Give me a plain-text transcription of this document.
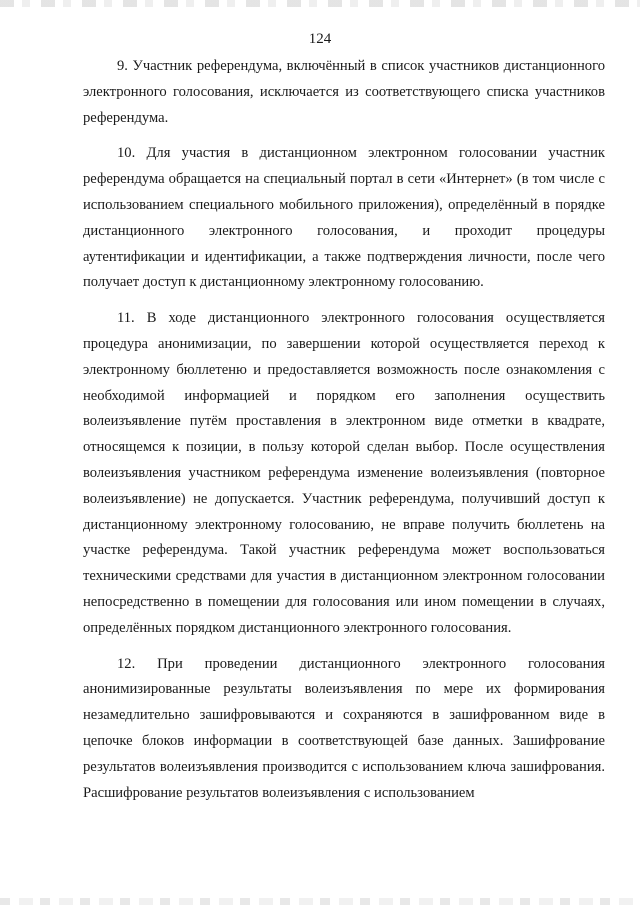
124

9. Участник референдума, включённый в список участников дистанционного электронного голосования, исключается из соответствующего списка участников референдума.

10. Для участия в дистанционном электронном голосовании участник референдума обращается на специальный портал в сети «Интернет» (в том числе с использованием специального мобильного приложения), определённый в порядке дистанционного электронного голосования, и проходит процедуры аутентификации и идентификации, а также подтверждения личности, после чего получает доступ к дистанционному электронному голосованию.

11. В ходе дистанционного электронного голосования осуществляется процедура анонимизации, по завершении которой осуществляется переход к электронному бюллетеню и предоставляется возможность после ознакомления с необходимой информацией и порядком его заполнения осуществить волеизъявление путём проставления в электронном виде отметки в квадрате, относящемся к позиции, в пользу которой сделан выбор. После осуществления волеизъявления участником референдума изменение волеизъявления (повторное волеизъявление) не допускается. Участник референдума, получивший доступ к дистанционному электронному голосованию, не вправе получить бюллетень на участке референдума. Такой участник референдума может воспользоваться техническими средствами для участия в дистанционном электронном голосовании непосредственно в помещении для голосования или ином помещении в случаях, определённых порядком дистанционного электронного голосования.

12. При проведении дистанционного электронного голосования анонимизированные результаты волеизъявления по мере их формирования незамедлительно зашифровываются и сохраняются в зашифрованном виде в цепочке блоков информации в соответствующей базе данных. Зашифрование результатов волеизъявления производится с использованием ключа зашифрования. Расшифрование результатов волеизъявления с использованием
